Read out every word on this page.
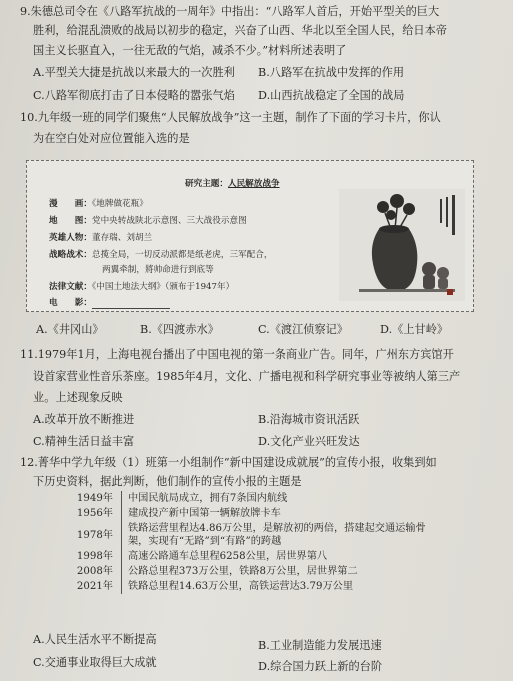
9.朱德总司令在《八路军抗战的一周年》中指出：“八路军人首后，开始平型关的巨大
胜利，给混乱溃败的战局以初步的稳定，兴奋了山西、华北以至全国人民，给日本帝
国主义长驱直入，一往无敌的气焰，减杀不少。”材料所述表明了
A.平型关大捷是抗战以来最大的一次胜利 B.八路军在抗战中发挥的作用
C.八路军彻底打击了日本侵略的嚣张气焰 D.山西抗战稳定了全国的战局
10.九年级一班的同学们聚焦“人民解放战争”这一主题，制作了下面的学习卡片，你认
为在空白处对应位置能入选的是
研究主题：人民解放战争
漫　　画：《地牌做花瓶》
地　　图：党中央转战陕北示意图、三大战役示意图
英雄人物：董存瑞、刘胡兰
战略战术：总揽全局，一切反动派都是纸老虎，三军配合，
两翼牵制，將帅命进行到底等
法律文献：《中国土地法大纲》（颁布于1947年）
电　　影：
A.《井冈山》	B.《四渡赤水》	C.《渡江侦察记》	D.《上甘岭》
11.1979年1月，上海电视台播出了中国电视的第一条商业广告。同年，广州东方宾馆开
设首家营业性音乐茶座。1985年4月，文化、广播电视和科学研究事业等被纳人第三产
业。上述现象反映
A.改革开放不断推进	B.沿海城市资讯活跃
C.精神生活日益丰富	D.文化产业兴旺发达
12.菁华中学九年级（1）班第一小组制作“新中国建设成就展”的宣传小报，收集到如
下历史资料，据此判断，他们制作的宣传小报的主题是
1949年	中国民航局成立，拥有7条国内航线
1956年	建成投产新中国第一辆解放牌卡车
1978年	铁路运营里程达4.86万公里，是解放初的两倍，搭建起交通运输骨架，实现有“无路”到“有路”的跨越
1998年	高速公路通车总里程6258公里，居世界第八
2008年	公路总里程373万公里，铁路8万公里，居世界第二
2021年	铁路总里程14.63万公里，高铁运营达3.79万公里
A.人民生活水平不断提高	B.工业制造能力发展迅速
C.交通事业取得巨大成就	D.综合国力跃上新的台阶
